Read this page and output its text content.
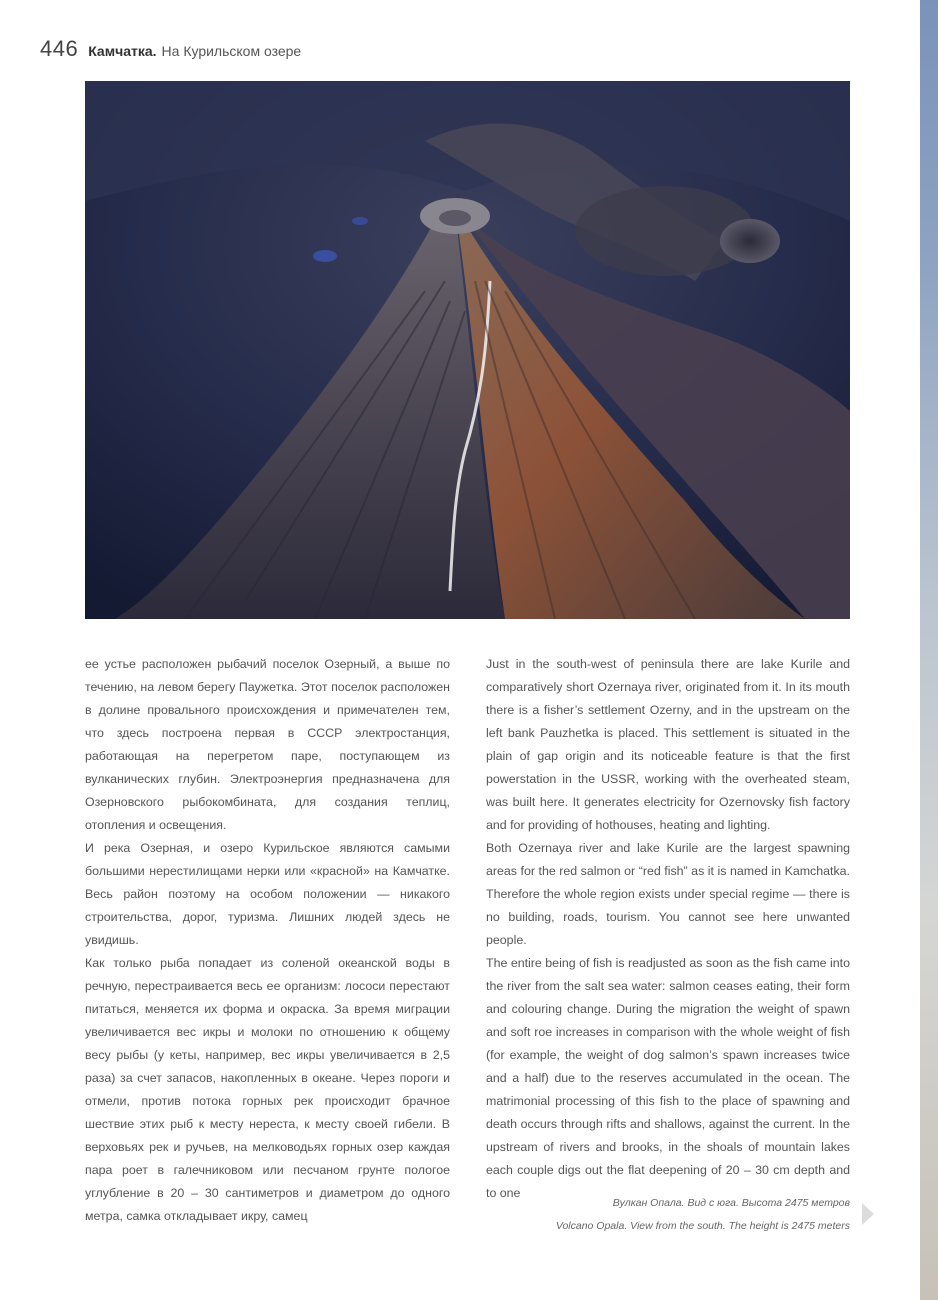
446 Камчатка . На Курильском озере

ее устье расположен рыбачий поселок Озерный, а выше по течению, на левом берегу Паужетка. Этот поселок расположен в долине провального происхождения и примечателен тем, что здесь построена первая в СССР электростанция, работающая на перегретом паре, поступающем из вулканических глубин. Электроэнергия предназначена для Озерновского рыбокомбината, для создания теплиц, отопления и освещения.

И река Озерная, и озеро Курильское являются самыми большими нерестилищами нерки или «красной» на Камчатке. Весь район поэтому на особом положении — никакого строительства, дорог, туризма. Лишних людей здесь не увидишь.

Как только рыба попадает из соленой океанской воды в речную, перестраивается весь ее организм: лососи перестают питаться, меняется их форма и окраска. За время миграции увеличивается вес икры и молоки по отношению к общему весу рыбы (у кеты, например, вес икры увеличивается в 2,5 раза) за счет запасов, накопленных в океане. Через пороги и отмели, против потока горных рек происходит брачное шествие этих рыб к месту нереста, к месту своей гибели. В верховьях рек и ручьев, на мелководьях горных озер каждая пара роет в галечниковом или песчаном грунте пологое углубление в 20 – 30 сантиметров и диаметром до одного метра, самка откладывает икру, самец

Just in the south-west of peninsula there are lake Kurile and comparatively short Ozernaya river, originated from it. In its mouth there is a fisher’s settlement Ozerny, and in the upstream on the left bank Pauzhetka is placed. This settlement is situated in the plain of gap origin and its noticeable feature is that the first powerstation in the USSR, working with the overheated steam, was built here. It generates electricity for Ozernovsky fish factory and for providing of hothouses, heating and lighting.

Both Ozernaya river and lake Kurile are the largest spawning areas for the red salmon or “red fish” as it is named in Kamchatka. Therefore the whole region exists under special regime — there is no building, roads, tourism. You cannot see here unwanted people.

The entire being of fish is readjusted as soon as the fish came into the river from the salt sea water: salmon ceases eating, their form and colouring change. During the migration the weight of spawn and soft roe increases in comparison with the whole weight of fish (for example, the weight of dog salmon’s spawn increases twice and a half) due to the reserves accumulated in the ocean. The matrimonial processing of this fish to the place of spawning and death occurs through rifts and shallows, against the current. In the upstream of rivers and brooks, in the shoals of mountain lakes each couple digs out the flat deepening of 20 – 30 cm depth and to one

Вулкан Опала. Вид с юга. Высота 2475 метров
Volcano Opala. View from the south. The height is 2475 meters
